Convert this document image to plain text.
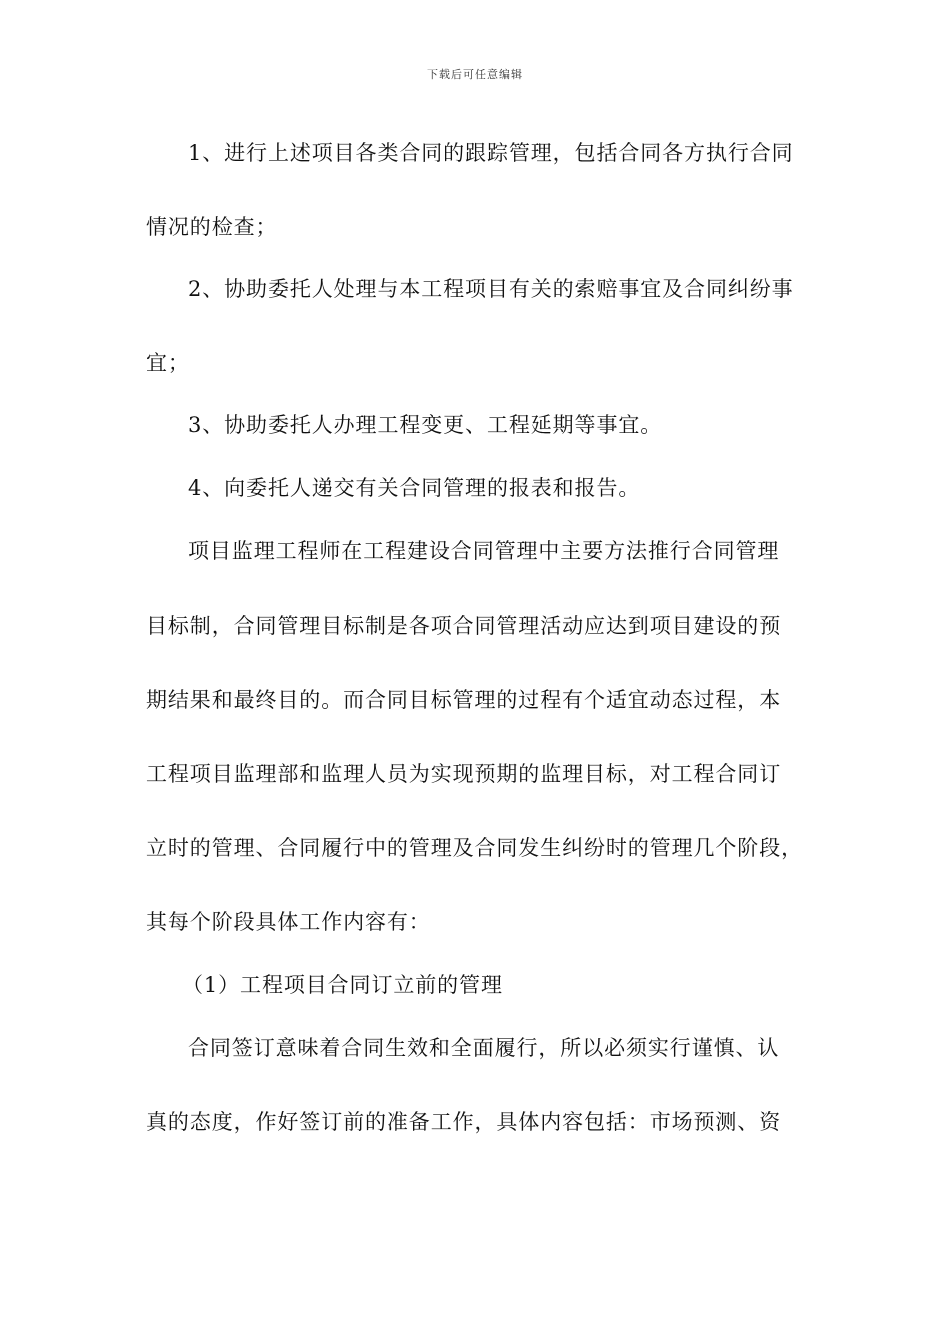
下载后可任意编辑
1、进行上述项目各类合同的跟踪管理，包括合同各方执行合同
情况的检查；
2、协助委托人处理与本工程项目有关的索赔事宜及合同纠纷事
宜；
3、协助委托人办理工程变更、工程延期等事宜。
4、向委托人递交有关合同管理的报表和报告。
项目监理工程师在工程建设合同管理中主要方法推行合同管理
目标制，合同管理目标制是各项合同管理活动应达到项目建设的预
期结果和最终目的。而合同目标管理的过程有个适宜动态过程，本
工程项目监理部和监理人员为实现预期的监理目标，对工程合同订
立时的管理、合同履行中的管理及合同发生纠纷时的管理几个阶段，
其每个阶段具体工作内容有：
（1）工程项目合同订立前的管理
合同签订意味着合同生效和全面履行，所以必须实行谨慎、认
真的态度，作好签订前的准备工作，具体内容包括：市场预测、资
